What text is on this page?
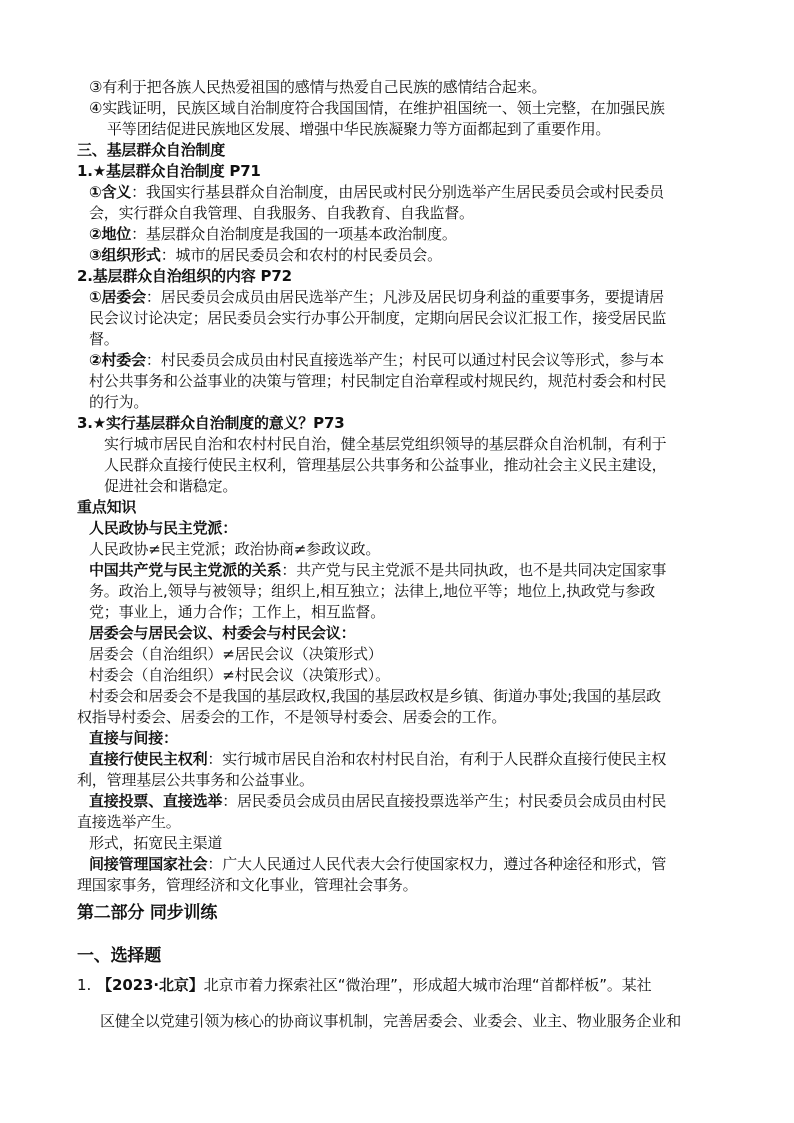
③有利于把各族人民热爱祖国的感情与热爱自己民族的感情结合起来。
④实践证明，民族区域自治制度符合我国国情，在维护祖国统一、领土完整，在加强民族
平等团结促进民族地区发展、增强中华民族凝聚力等方面都起到了重要作用。
三、基层群众自治制度
1.★基层群众自治制度 P71
①含义：我国实行基县群众自治制度，由居民或村民分别选举产生居民委员会或村民委员
会，实行群众自我管理、自我服务、自我教育、自我监督。
②地位：基层群众自治制度是我国的一项基本政治制度。
③组织形式：城市的居民委员会和农村的村民委员会。
2.基层群众自治组织的内容 P72
①居委会：居民委员会成员由居民选举产生；凡涉及居民切身利益的重要事务，要提请居
民会议讨论决定；居民委员会实行办事公开制度，定期向居民会议汇报工作，接受居民监
督。
②村委会：村民委员会成员由村民直接选举产生；村民可以通过村民会议等形式，参与本
村公共事务和公益事业的决策与管理；村民制定自治章程或村规民约，规范村委会和村民
的行为。
3.★实行基层群众自治制度的意义？P73
实行城市居民自治和农村村民自治，健全基层党组织领导的基层群众自治机制，有利于
人民群众直接行使民主权利，管理基层公共事务和公益事业，推动社会主义民主建设，
促进社会和谐稳定。
重点知识
人民政协与民主党派：
人民政协≠民主党派；政治协商≠参政议政。
中国共产党与民主党派的关系：共产党与民主党派不是共同执政，也不是共同决定国家事
务。政治上,领导与被领导；组织上,相互独立；法律上,地位平等；地位上,执政党与参政
党；事业上，通力合作；工作上，相互监督。
居委会与居民会议、村委会与村民会议：
居委会（自治组织）≠居民会议（决策形式）
村委会（自治组织）≠村民会议（决策形式）。
村委会和居委会不是我国的基层政权,我国的基层政权是乡镇、街道办事处;我国的基层政
权指导村委会、居委会的工作，不是领导村委会、居委会的工作。
直接与间接：
直接行使民主权利：实行城市居民自治和农村村民自治，有利于人民群众直接行使民主权
利，管理基层公共事务和公益事业。
直接投票、直接选举：居民委员会成员由居民直接投票选举产生；村民委员会成员由村民
直接选举产生。
形式，拓宽民主渠道
间接管理国家社会：广大人民通过人民代表大会行使国家权力，遵过各种途径和形式，管
理国家事务，管理经济和文化事业，管理社会事务。
第二部分 同步训练
一、选择题
1. 【2023·北京】北京市着力探索社区“微治理”，形成超大城市治理“首都样板”。某社
区健全以党建引领为核心的协商议事机制，完善居委会、业委会、业主、物业服务企业和
